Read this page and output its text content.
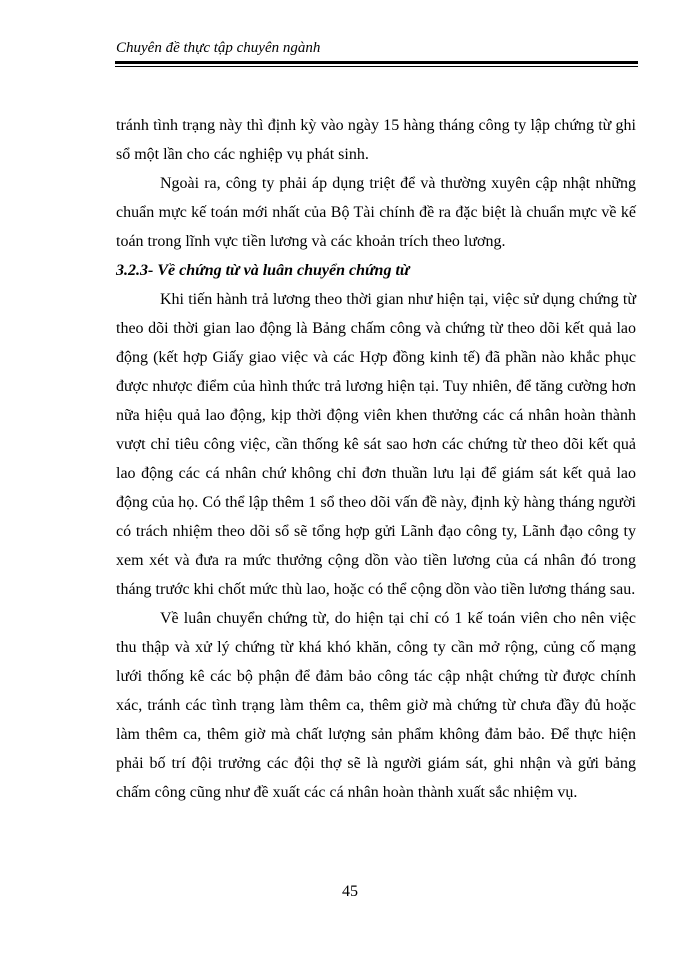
Chuyên đề thực tập chuyên ngành

tránh tình trạng này thì định kỳ vào ngày 15 hàng tháng công ty lập chứng từ ghi sổ một lần cho các nghiệp vụ phát sinh.

Ngoài ra, công ty phải áp dụng triệt để và thường xuyên cập nhật những chuẩn mực kế toán mới nhất của Bộ Tài chính đề ra đặc biệt là chuẩn mực về kế toán trong lĩnh vực tiền lương và các khoản trích theo lương.

3.2.3- Về chứng từ và luân chuyển chứng từ

Khi tiến hành trả lương theo thời gian như hiện tại, việc sử dụng chứng từ theo dõi thời gian lao động là Bảng chấm công và chứng từ theo dõi kết quả lao động (kết hợp Giấy giao việc và các Hợp đồng kinh tế) đã phần nào khắc phục được nhược điểm của hình thức trả lương hiện tại. Tuy nhiên, để tăng cường hơn nữa hiệu quả lao động, kịp thời động viên khen thưởng các cá nhân hoàn thành vượt chỉ tiêu công việc, cần thống kê sát sao hơn các chứng từ theo dõi kết quả lao động các cá nhân chứ không chỉ đơn thuần lưu lại để giám sát kết quả lao động của họ. Có thể lập thêm 1 sổ theo dõi vấn đề này, định kỳ hàng tháng người có trách nhiệm theo dõi sổ sẽ tổng hợp gửi Lãnh đạo công ty, Lãnh đạo công ty xem xét và đưa ra mức thưởng cộng dồn vào tiền lương của cá nhân đó trong tháng trước khi chốt mức thù lao, hoặc có thể cộng dồn vào tiền lương tháng sau.

Về luân chuyển chứng từ, do hiện tại chỉ có 1 kế toán viên cho nên việc thu thập và xử lý chứng từ khá khó khăn, công ty cần mở rộng, củng cố mạng lưới thống kê các bộ phận để đảm bảo công tác cập nhật chứng từ được chính xác, tránh các tình trạng làm thêm ca, thêm giờ mà chứng từ chưa đầy đủ hoặc làm thêm ca, thêm giờ mà chất lượng sản phẩm không đảm bảo. Để thực hiện phải bố trí đội trưởng các đội thợ sẽ là người giám sát, ghi nhận và gửi bảng chấm công cũng như đề xuất các cá nhân hoàn thành xuất sắc nhiệm vụ.

45
